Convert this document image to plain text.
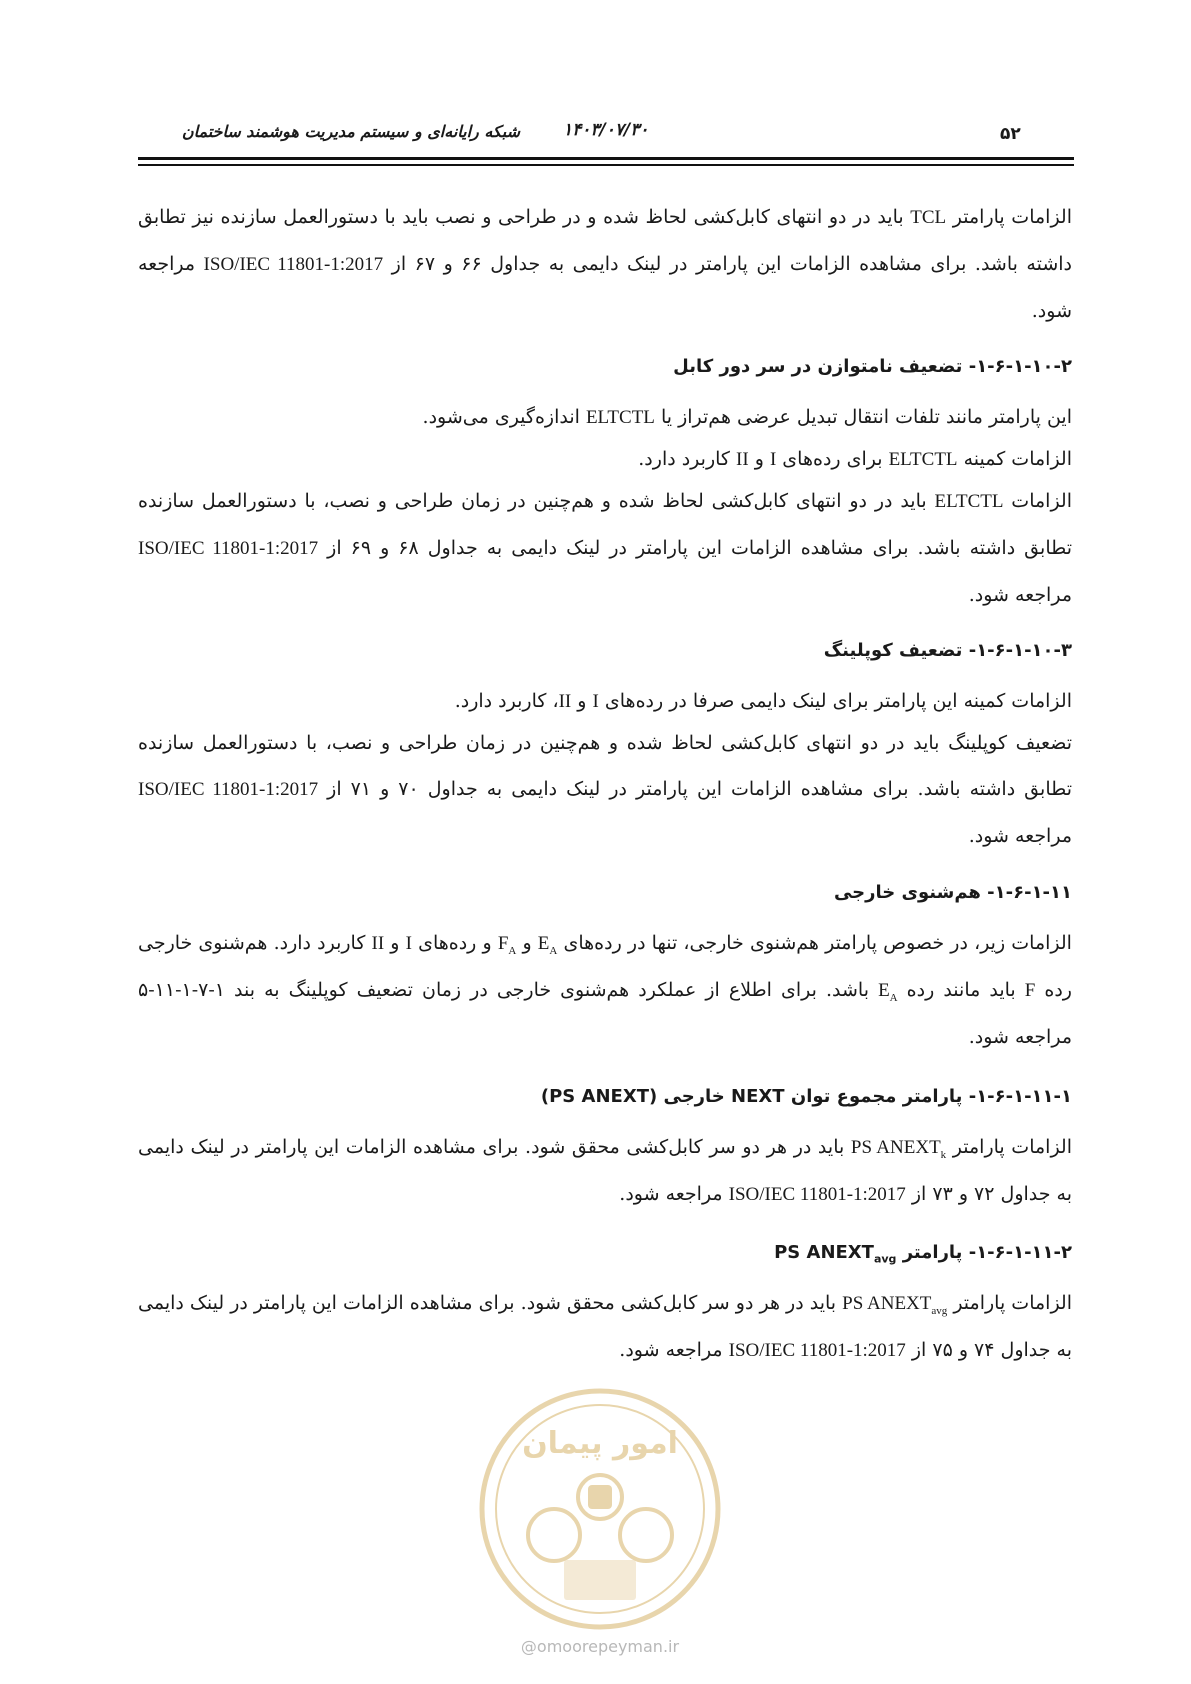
۵۲
۱۴۰۳/۰۷/۳۰
شبکه رایانه‌ای و سیستم مدیریت هوشمند ساختمان

الزامات پارامتر TCL باید در دو انتهای کابل‌کشی لحاظ شده و در طراحی و نصب باید با دستورالعمل سازنده نیز تطابق داشته باشد. برای مشاهده الزامات این پارامتر در لینک دایمی به جداول ۶۶ و ۶۷ از ISO/IEC 11801-1:2017 مراجعه شود.

۱-۶-۱-۱۰-۲- تضعیف نامتوازن در سر دور کابل

این پارامتر مانند تلفات انتقال تبدیل عرضی هم‌تراز یا ELTCTL اندازه‌گیری می‌شود.

الزامات کمینه ELTCTL برای رده‌های I و II کاربرد دارد.

الزامات ELTCTL باید در دو انتهای کابل‌کشی لحاظ شده و هم‌چنین در زمان طراحی و نصب، با دستورالعمل سازنده تطابق داشته باشد. برای مشاهده الزامات این پارامتر در لینک دایمی به جداول ۶۸ و ۶۹ از ISO/IEC 11801-1:2017 مراجعه شود.

۱-۶-۱-۱۰-۳- تضعیف کوپلینگ

الزامات کمینه این پارامتر برای لینک دایمی صرفا در رده‌های I و II، کاربرد دارد.

تضعیف کوپلینگ باید در دو انتهای کابل‌کشی لحاظ شده و هم‌چنین در زمان طراحی و نصب، با دستورالعمل سازنده تطابق داشته باشد. برای مشاهده الزامات این پارامتر در لینک دایمی به جداول ۷۰ و ۷۱ از ISO/IEC 11801-1:2017 مراجعه شود.

۱-۶-۱-۱۱- هم‌شنوی خارجی

الزامات زیر، در خصوص پارامتر هم‌شنوی خارجی، تنها در رده‌های $E_A$ و $F_A$ و رده‌های I و II کاربرد دارد. هم‌شنوی خارجی رده F باید مانند رده $E_A$ باشد. برای اطلاع از عملکرد هم‌شنوی خارجی در زمان تضعیف کوپلینگ به بند ۱-۷-۱-۱۱-۵ مراجعه شود.

۱-۶-۱-۱۱-۱- پارامتر مجموع توان NEXT خارجی (PS ANEXT)

الزامات پارامتر PS $ANEXT_k$ باید در هر دو سر کابل‌کشی محقق شود. برای مشاهده الزامات این پارامتر در لینک دایمی به جداول ۷۲ و ۷۳ از ISO/IEC 11801-1:2017 مراجعه شود.

۱-۶-۱-۱۱-۲- پارامتر PS $ANEXT_{avg}$

الزامات پارامتر PS $ANEXT_{avg}$ باید در هر دو سر کابل‌کشی محقق شود. برای مشاهده الزامات این پارامتر در لینک دایمی به جداول ۷۴ و ۷۵ از ISO/IEC 11801-1:2017 مراجعه شود.

امور پیمان
@omoorepeyman.ir
